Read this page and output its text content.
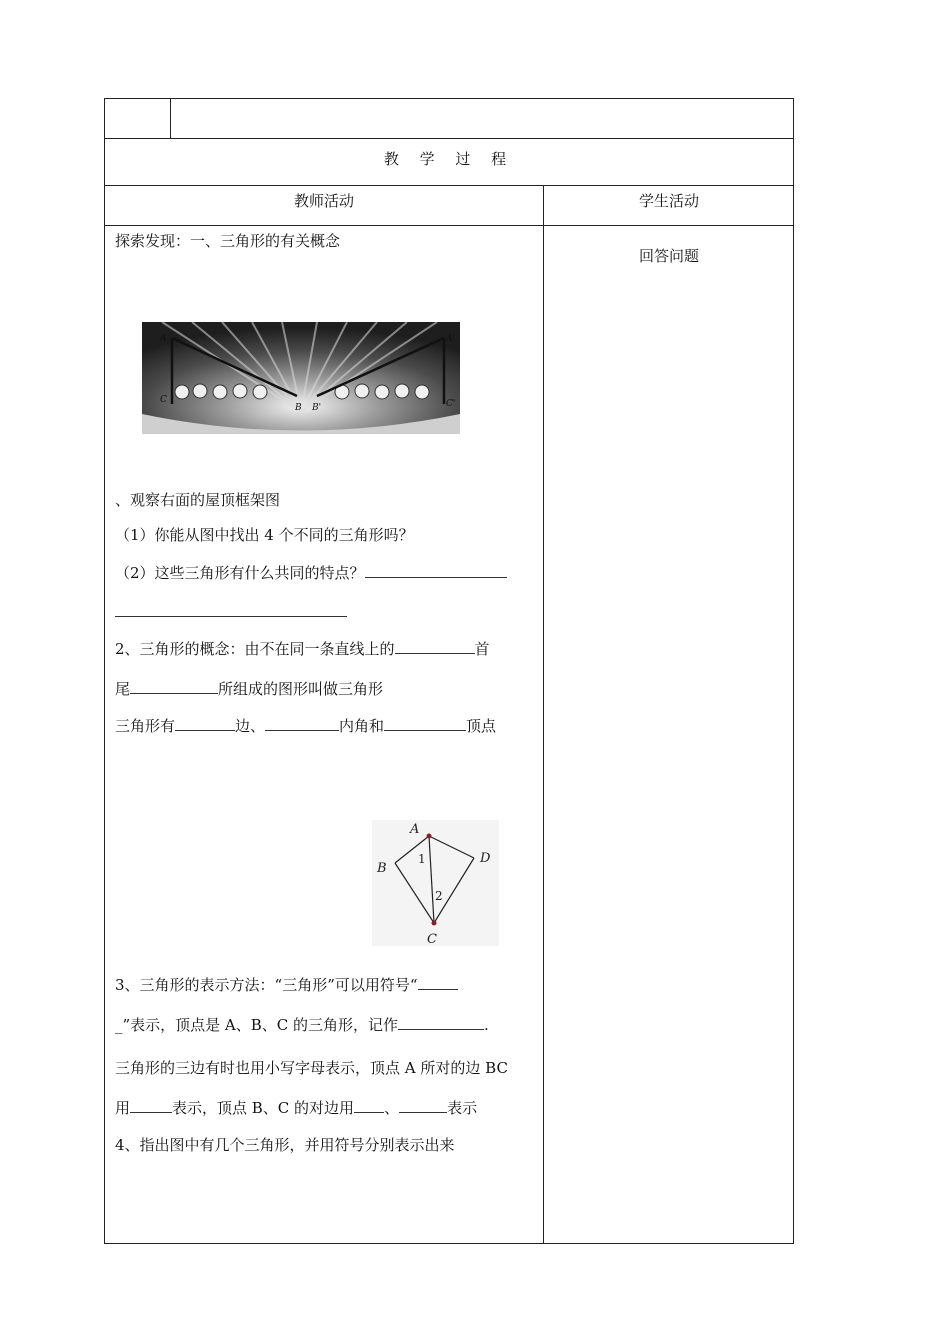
教 学 过 程
教师活动	学生活动
回答问题
探索发现：一、三角形的有关概念
A
C
B B'
A'
C'
、观察右面的屋顶框架图
（1）你能从图中找出 4 个不同的三角形吗？
（2）这些三角形有什么共同的特点？
2、三角形的概念：由不在同一条直线上的	首
尾	所组成的图形叫做三角形
三角形有	边、	内角和	顶点
A
B
C
D
1
2
3、三角形的表示方法：“三角形”可以用符号“
_”表示，顶点是 A、B、C 的三角形，记作	.
三角形的三边有时也用小写字母表示，顶点 A 所对的边 BC
用	表示，顶点 B、C 的对边用 、	表示
4、指出图中有几个三角形，并用符号分别表示出来
